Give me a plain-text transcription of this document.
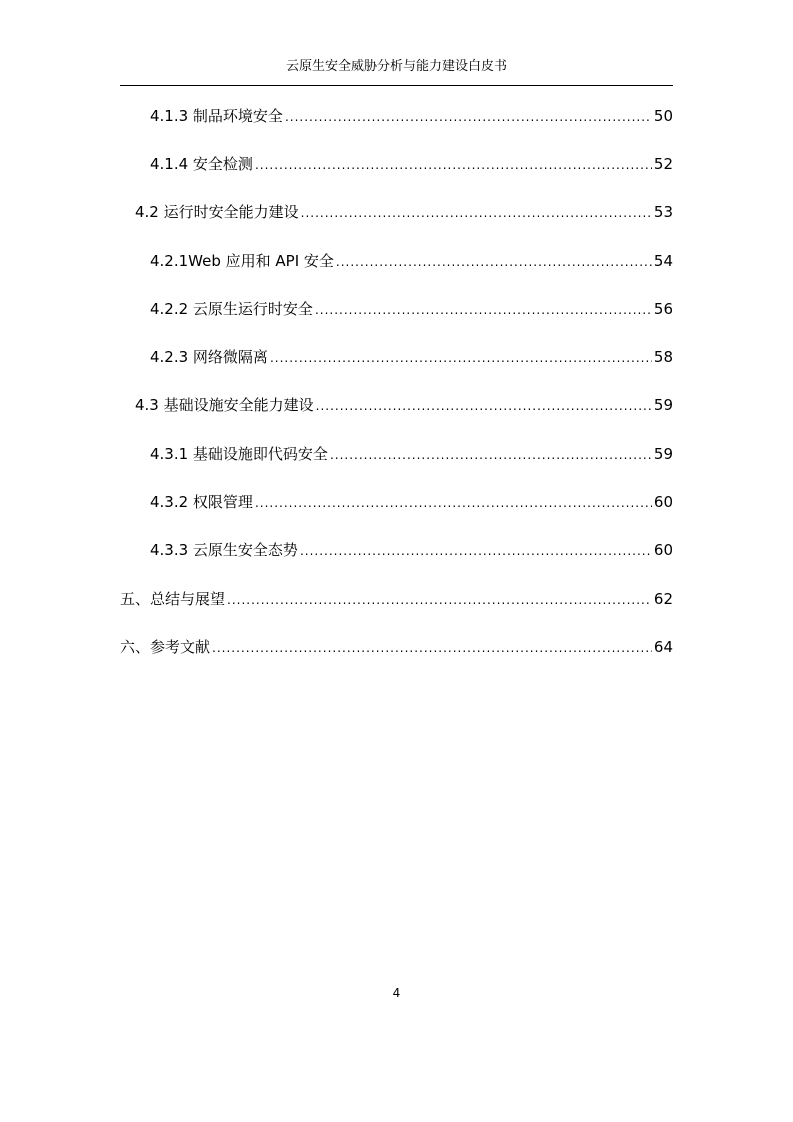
云原生安全威胁分析与能力建设白皮书
4.1.3 制品环境安全 .....	50
4.1.4 安全检测 .....	52
4.2 运行时安全能力建设 .....	53
4.2.1Web 应用和 API 安全 .....	54
4.2.2 云原生运行时安全 .....	56
4.2.3 网络微隔离 .....	58
4.3 基础设施安全能力建设 .....	59
4.3.1 基础设施即代码安全 .....	59
4.3.2 权限管理 .....	60
4.3.3 云原生安全态势 .....	60
五、总结与展望 .....	62
六、参考文献 .....	64
4
